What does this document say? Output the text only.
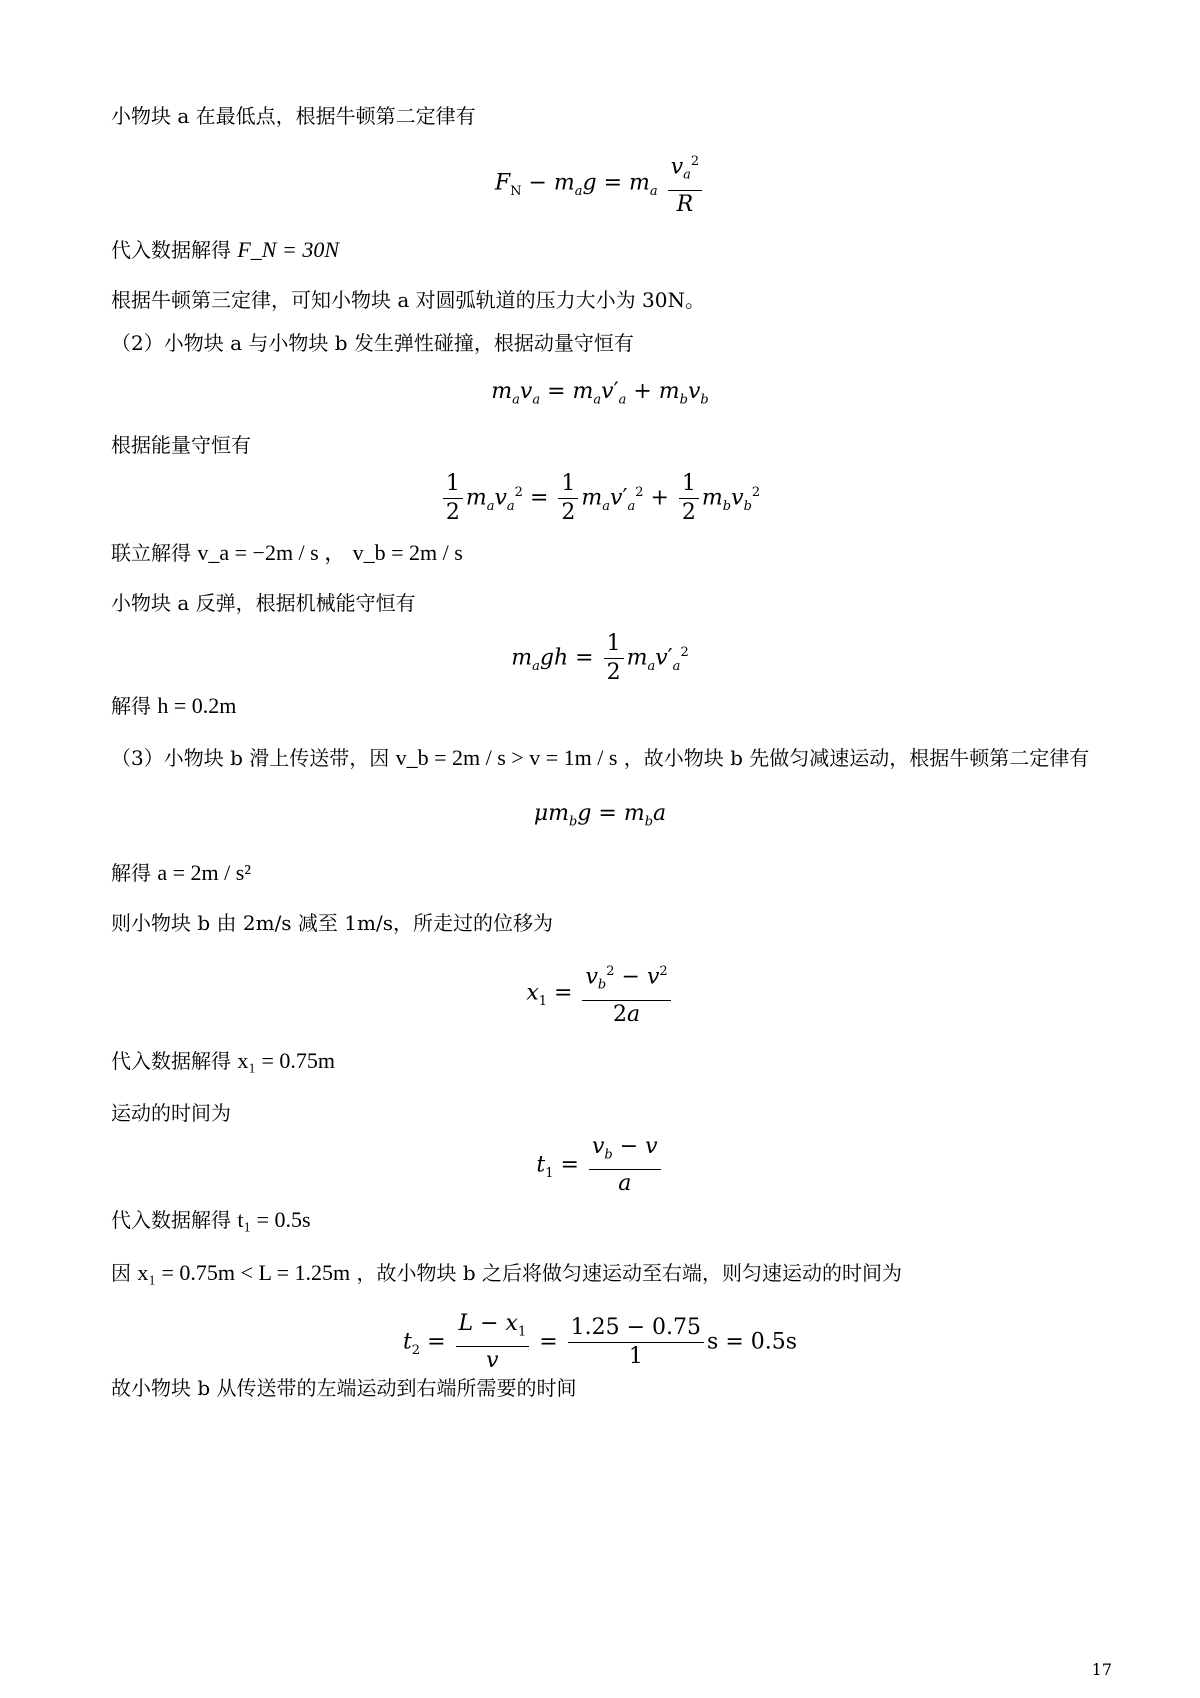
小物块 a 在最低点，根据牛顿第二定律有
$F_N - m_ag = m_a \frac{v_a^2}{R}$
代入数据解得 F_N = 30N
根据牛顿第三定律，可知小物块 a 对圆弧轨道的压力大小为 30N。
（2）小物块 a 与小物块 b 发生弹性碰撞，根据动量守恒有
$m_av_a = m_av'_a + m_bv_b$
根据能量守恒有
$\frac{1}{2} m_av_a^2 = \frac{1}{2} m_av'_a^2 + \frac{1}{2} m_bv_b^2$
联立解得 v_a = −2m / s ， v_b = 2m / s
小物块 a 反弹，根据机械能守恒有
$m_agh = \frac{1}{2} m_av'_a^2$
解得 h = 0.2m
（3）小物块 b 滑上传送带，因 v_b = 2m / s > v = 1m / s ，故小物块 b 先做匀减速运动，根据牛顿第二定律有
$\mu m_bg = m_ba$
解得 a = 2m / s²
则小物块 b 由 2m/s 减至 1m/s，所走过的位移为
$x_1 = \frac{v_b^2 - v^2}{2a}$
代入数据解得 x₁ = 0.75m
运动的时间为
$t_1 = \frac{v_b - v}{a}$
代入数据解得 t₁ = 0.5s
因 x₁ = 0.75m < L = 1.25m ，故小物块 b 之后将做匀速运动至右端，则匀速运动的时间为
$t_2 = \frac{L - x_1}{v} = \frac{1.25 - 0.75}{1}$ s = 0.5s
故小物块 b 从传送带的左端运动到右端所需要的时间
17
